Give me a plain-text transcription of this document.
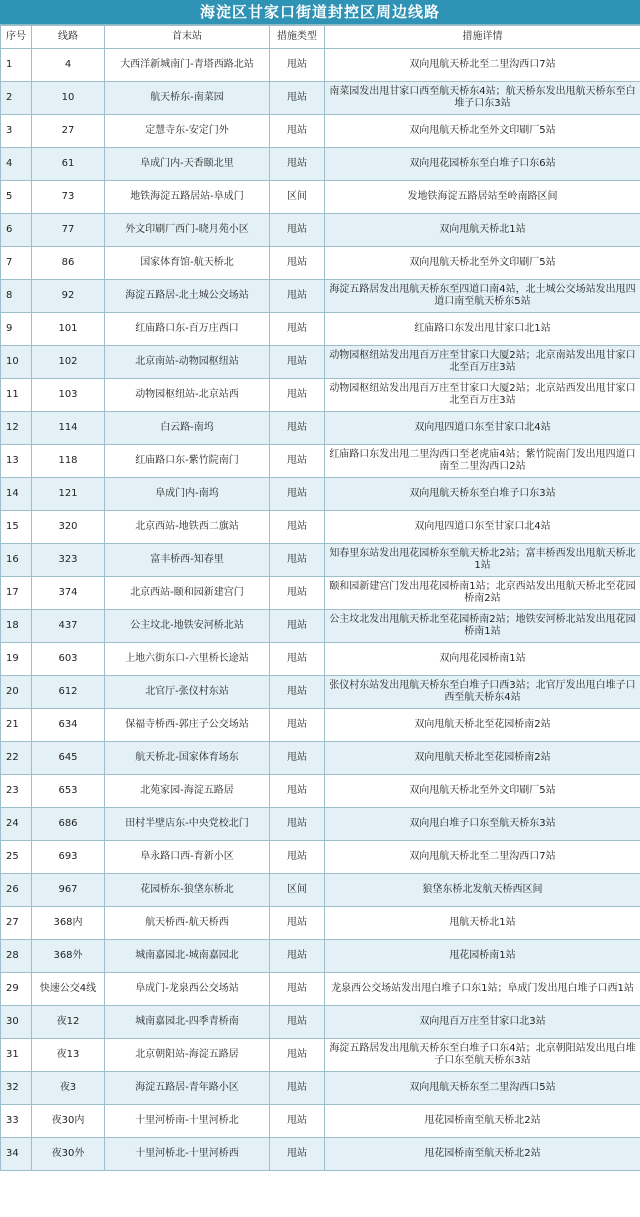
海淀区甘家口街道封控区周边线路
序号	线路	首末站	措施类型	措施详情
1	4	大西洋新城南门-青塔西路北站	甩站	双向甩航天桥北至二里沟西口7站
2	10	航天桥东-南菜园	甩站	南菜园发出甩甘家口西至航天桥东4站；航天桥东发出甩航天桥东至白堆子口东3站
3	27	定慧寺东-安定门外	甩站	双向甩航天桥北至外文印刷厂5站
4	61	阜成门内-天香颐北里	甩站	双向甩花园桥东至白堆子口东6站
5	73	地铁海淀五路居站-阜成门	区间	发地铁海淀五路居站至岭南路区间
6	77	外文印刷厂西门-晓月苑小区	甩站	双向甩航天桥北1站
7	86	国家体育馆-航天桥北	甩站	双向甩航天桥北至外文印刷厂5站
8	92	海淀五路居-北土城公交场站	甩站	海淀五路居发出甩航天桥东至四道口南4站，北土城公交场站发出甩四道口南至航天桥东5站
9	101	红庙路口东-百万庄西口	甩站	红庙路口东发出甩甘家口北1站
10	102	北京南站-动物园枢纽站	甩站	动物园枢纽站发出甩百万庄至甘家口大厦2站；北京南站发出甩甘家口北至百万庄3站
11	103	动物园枢纽站-北京站西	甩站	动物园枢纽站发出甩百万庄至甘家口大厦2站；北京站西发出甩甘家口北至百万庄3站
12	114	白云路-南坞	甩站	双向甩四道口东至甘家口北4站
13	118	红庙路口东-紫竹院南门	甩站	红庙路口东发出甩二里沟西口至老虎庙4站；紫竹院南门发出甩四道口南至二里沟西口2站
14	121	阜成门内-南坞	甩站	双向甩航天桥东至白堆子口东3站
15	320	北京西站-地铁西二旗站	甩站	双向甩四道口东至甘家口北4站
16	323	富丰桥西-知春里	甩站	知春里东站发出甩花园桥东至航天桥北2站；富丰桥西发出甩航天桥北1站
17	374	北京西站-颐和园新建宫门	甩站	颐和园新建宫门发出甩花园桥南1站；北京西站发出甩航天桥北至花园桥南2站
18	437	公主坟北-地铁安河桥北站	甩站	公主坟北发出甩航天桥北至花园桥南2站；地铁安河桥北站发出甩花园桥南1站
19	603	上地六街东口-六里桥长途站	甩站	双向甩花园桥南1站
20	612	北官厅-张仪村东站	甩站	张仪村东站发出甩航天桥东至白堆子口西3站；北官厅发出甩白堆子口西至航天桥东4站
21	634	保福寺桥西-郭庄子公交场站	甩站	双向甩航天桥北至花园桥南2站
22	645	航天桥北-国家体育场东	甩站	双向甩航天桥北至花园桥南2站
23	653	北苑家园-海淀五路居	甩站	双向甩航天桥北至外文印刷厂5站
24	686	田村半壁店东-中央党校北门	甩站	双向甩白堆子口东至航天桥东3站
25	693	阜永路口西-育新小区	甩站	双向甩航天桥北至二里沟西口7站
26	967	花园桥东-狼垡东桥北	区间	狼垡东桥北发航天桥西区间
27	368内	航天桥西-航天桥西	甩站	甩航天桥北1站
28	368外	城南嘉园北-城南嘉园北	甩站	甩花园桥南1站
29	快速公交4线	阜成门-龙泉西公交场站	甩站	龙泉西公交场站发出甩白堆子口东1站；阜成门发出甩白堆子口西1站
30	夜12	城南嘉园北-四季青桥南	甩站	双向甩百万庄至甘家口北3站
31	夜13	北京朝阳站-海淀五路居	甩站	海淀五路居发出甩航天桥东至白堆子口东4站；北京朝阳站发出甩白堆子口东至航天桥东3站
32	夜3	海淀五路居-青年路小区	甩站	双向甩航天桥东至二里沟西口5站
33	夜30内	十里河桥南-十里河桥北	甩站	甩花园桥南至航天桥北2站
34	夜30外	十里河桥北-十里河桥西	甩站	甩花园桥南至航天桥北2站
